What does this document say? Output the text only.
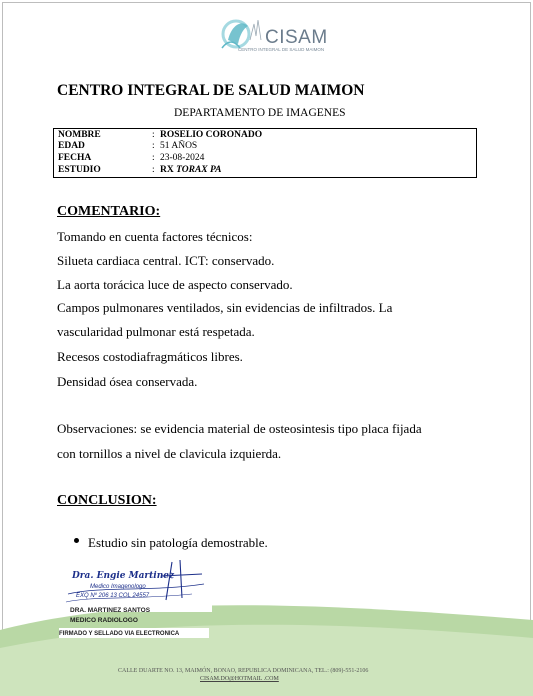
CISAM
CENTRO INTEGRAL DE SALUD MAIMON
CENTRO INTEGRAL DE SALUD MAIMON
DEPARTAMENTO DE IMAGENES
NOMBRE	: ROSELIO CORONADO
EDAD	: 51 AÑOS
FECHA	: 23-08-2024
ESTUDIO	: RX TORAX PA
COMENTARIO:
Tomando en cuenta factores técnicos:
Silueta cardiaca central. ICT: conservado.
La aorta torácica luce de aspecto conservado.
Campos pulmonares ventilados, sin evidencias de infiltrados. La
vascularidad pulmonar está respetada.
Recesos costodiafragmáticos libres.
Densidad ósea conservada.
Observaciones: se evidencia material de osteosintesis tipo placa fijada
con tornillos a nivel de clavicula izquierda.
CONCLUSION:
Estudio sin patología demostrable.
Dra. Engie Martinez
Medico Imagenologo
EXQ Nº 206 13 COL 24557
DRA. MARTINEZ SANTOS
MEDICO RADIOLOGO
FIRMADO Y SELLADO VIA ELECTRONICA
CALLE DUARTE NO. 13, MAIMÓN, BONAO, REPUBLICA DOMINICANA, TEL.: (809)-551-2106
CISAM.DO@HOTMAIL .COM
